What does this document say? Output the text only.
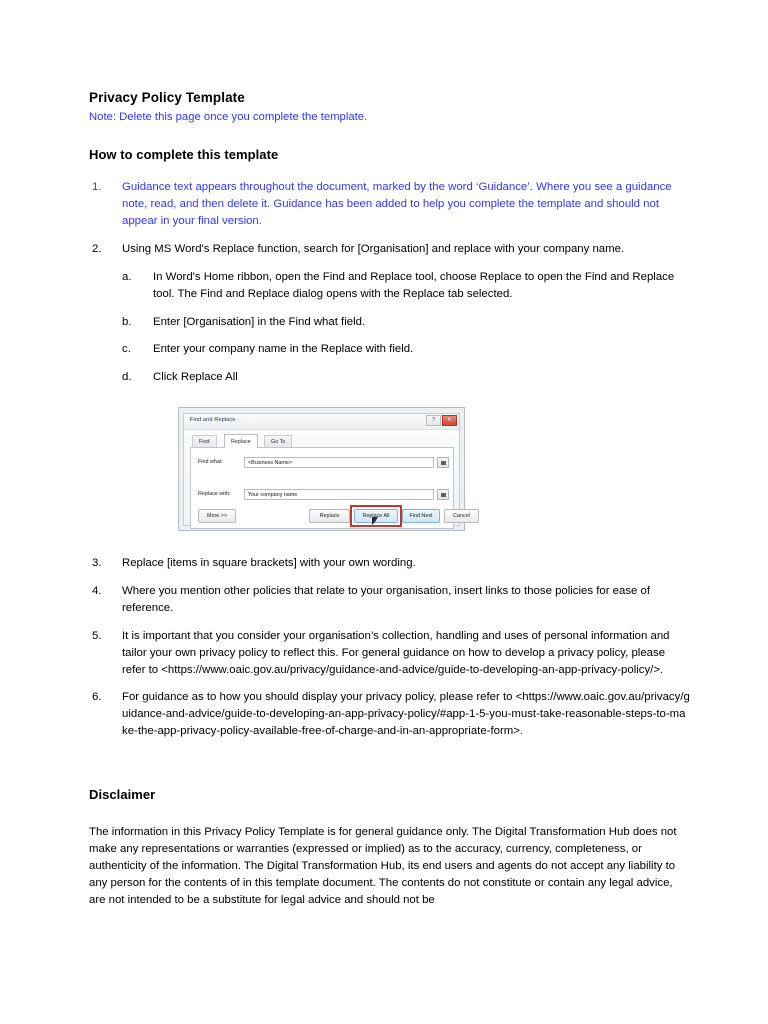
Privacy Policy Template

Note: Delete this page once you complete the template.

How to complete this template
1.	Guidance text appears throughout the document, marked by the word ‘Guidance’. Where you see a guidance note, read, and then delete it. Guidance has been added to help you complete the template and should not appear in your final version.
2.	Using MS Word's Replace function, search for [Organisation] and replace with your company name.
a.	In Word's Home ribbon, open the Find and Replace tool, choose Replace to open the Find and Replace tool. The Find and Replace dialog opens with the Replace tab selected.
b.	Enter [Organisation] in the Find what field.
c.	Enter your company name in the Replace with field.
d.	Click Replace All
Find and Replace	?	✕
Find	Replace	Go To
Find what:	<Business Name>
Replace with:	Your company name
More >>	Replace	Replace All	Find Next	Cancel
3.	Replace [items in square brackets] with your own wording.
4.	Where you mention other policies that relate to your organisation, insert links to those policies for ease of reference.
5.	It is important that you consider your organisation’s collection, handling and uses of personal information and tailor your own privacy policy to reflect this. For general guidance on how to develop a privacy policy, please refer to <https://www.oaic.gov.au/privacy/guidance-and-advice/guide-to-developing-an-app-privacy-policy/>.
6.	For guidance as to how you should display your privacy policy, please refer to <https://www.oaic.gov.au/privacy/guidance-and-advice/guide-to-developing-an-app-privacy-policy/#app-1-5-you-must-take-reasonable-steps-to-make-the-app-privacy-policy-available-free-of-charge-and-in-an-appropriate-form>.
Disclaimer

The information in this Privacy Policy Template is for general guidance only. The Digital Transformation Hub does not make any representations or warranties (expressed or implied) as to the accuracy, currency, completeness, or authenticity of the information. The Digital Transformation Hub, its end users and agents do not accept any liability to any person for the contents of in this template document. The contents do not constitute or contain any legal advice, are not intended to be a substitute for legal advice and should not be
